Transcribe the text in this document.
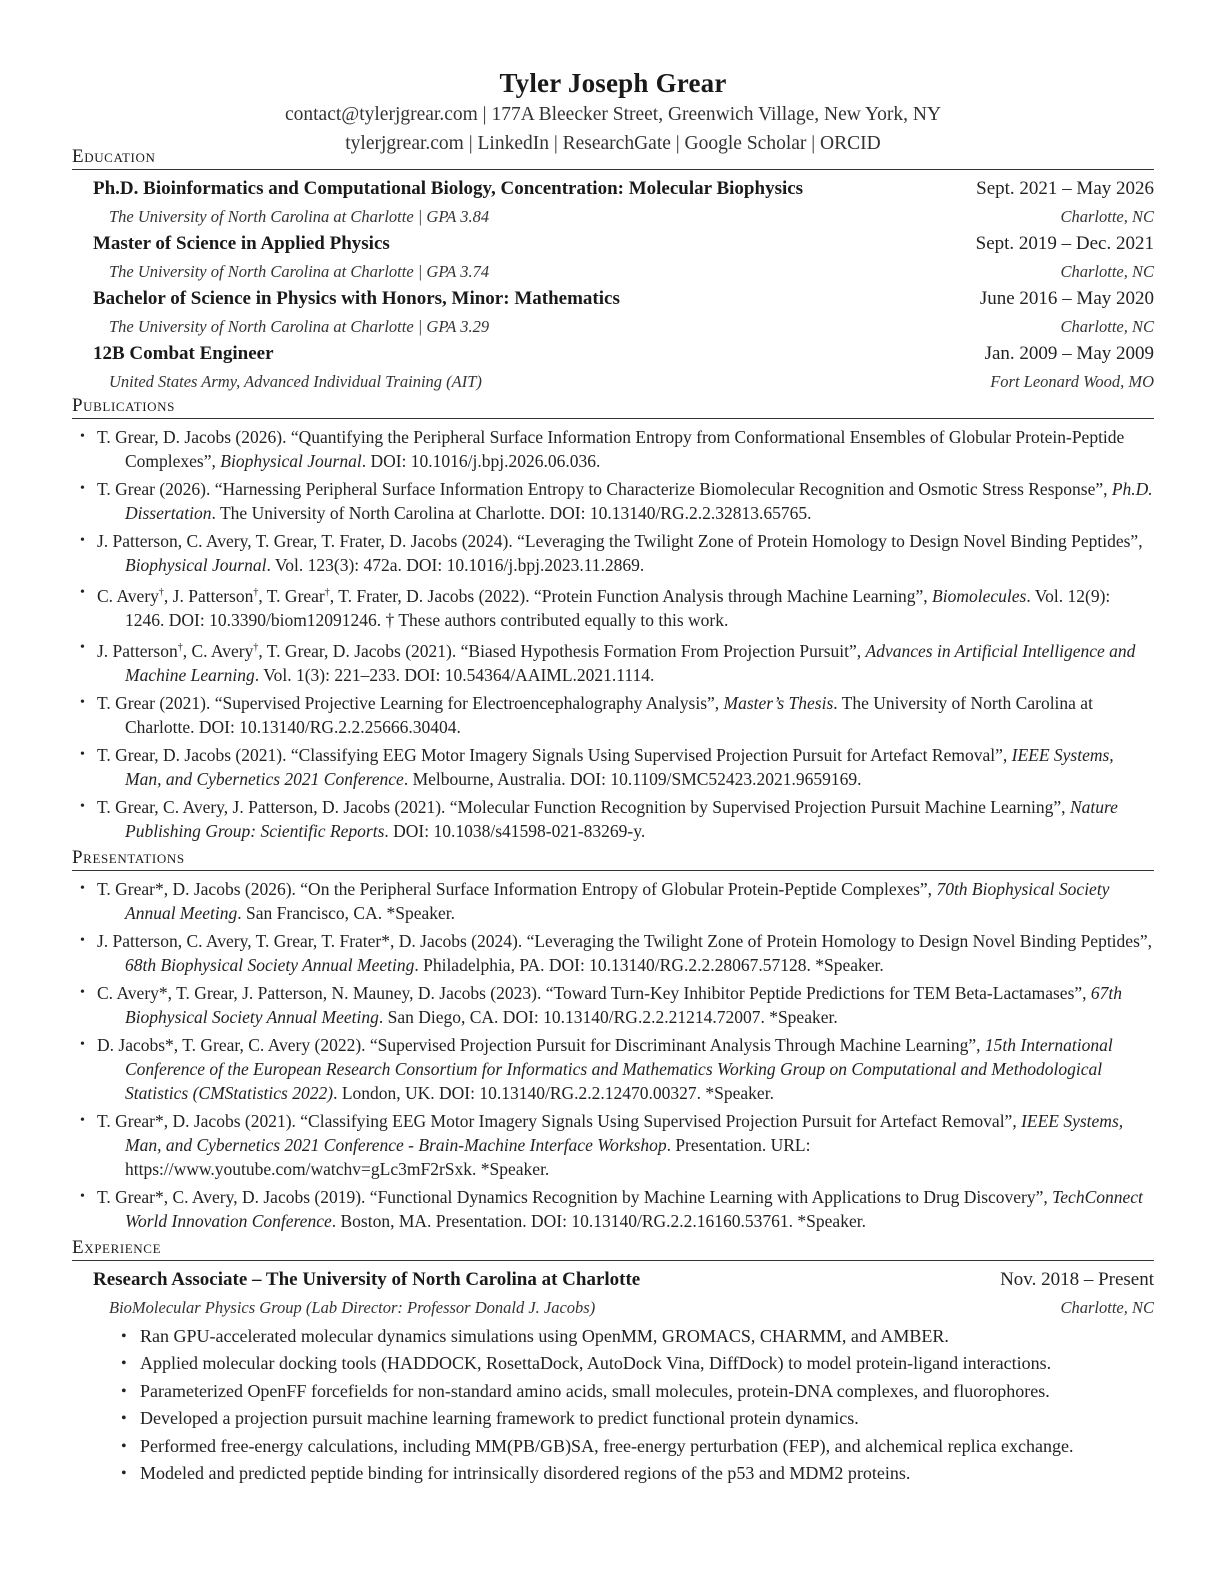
Tyler Joseph Grear
contact@tylerjgrear.com | 177A Bleecker Street, Greenwich Village, New York, NY
tylerjgrear.com | LinkedIn | ResearchGate | Google Scholar | ORCID
Education
Ph.D. Bioinformatics and Computational Biology, Concentration: Molecular Biophysics	Sept. 2021 – May 2026
The University of North Carolina at Charlotte | GPA 3.84	Charlotte, NC
Master of Science in Applied Physics	Sept. 2019 – Dec. 2021
The University of North Carolina at Charlotte | GPA 3.74	Charlotte, NC
Bachelor of Science in Physics with Honors, Minor: Mathematics	June 2016 – May 2020
The University of North Carolina at Charlotte | GPA 3.29	Charlotte, NC
12B Combat Engineer	Jan. 2009 – May 2009
United States Army, Advanced Individual Training (AIT)	Fort Leonard Wood, MO
Publications
• T. Grear, D. Jacobs (2026). “Quantifying the Peripheral Surface Information Entropy from Conformational Ensembles of Globular Protein-Peptide Complexes”, Biophysical Journal. DOI: 10.1016/j.bpj.2026.06.036.
• T. Grear (2026). “Harnessing Peripheral Surface Information Entropy to Characterize Biomolecular Recognition and Osmotic Stress Response”, Ph.D. Dissertation. The University of North Carolina at Charlotte. DOI: 10.13140/RG.2.2.32813.65765.
• J. Patterson, C. Avery, T. Grear, T. Frater, D. Jacobs (2024). “Leveraging the Twilight Zone of Protein Homology to Design Novel Binding Peptides”, Biophysical Journal. Vol. 123(3): 472a. DOI: 10.1016/j.bpj.2023.11.2869.
• C. Avery†, J. Patterson†, T. Grear†, T. Frater, D. Jacobs (2022). “Protein Function Analysis through Machine Learning”, Biomolecules. Vol. 12(9): 1246. DOI: 10.3390/biom12091246. † These authors contributed equally to this work.
• J. Patterson†, C. Avery†, T. Grear, D. Jacobs (2021). “Biased Hypothesis Formation From Projection Pursuit”, Advances in Artificial Intelligence and Machine Learning. Vol. 1(3): 221–233. DOI: 10.54364/AAIML.2021.1114.
• T. Grear (2021). “Supervised Projective Learning for Electroencephalography Analysis”, Master’s Thesis. The University of North Carolina at Charlotte. DOI: 10.13140/RG.2.2.25666.30404.
• T. Grear, D. Jacobs (2021). “Classifying EEG Motor Imagery Signals Using Supervised Projection Pursuit for Artefact Removal”, IEEE Systems, Man, and Cybernetics 2021 Conference. Melbourne, Australia. DOI: 10.1109/SMC52423.2021.9659169.
• T. Grear, C. Avery, J. Patterson, D. Jacobs (2021). “Molecular Function Recognition by Supervised Projection Pursuit Machine Learning”, Nature Publishing Group: Scientific Reports. DOI: 10.1038/s41598-021-83269-y.
Presentations
• T. Grear*, D. Jacobs (2026). “On the Peripheral Surface Information Entropy of Globular Protein-Peptide Complexes”, 70th Biophysical Society Annual Meeting. San Francisco, CA. *Speaker.
• J. Patterson, C. Avery, T. Grear, T. Frater*, D. Jacobs (2024). “Leveraging the Twilight Zone of Protein Homology to Design Novel Binding Peptides”, 68th Biophysical Society Annual Meeting. Philadelphia, PA. DOI: 10.13140/RG.2.2.28067.57128. *Speaker.
• C. Avery*, T. Grear, J. Patterson, N. Mauney, D. Jacobs (2023). “Toward Turn-Key Inhibitor Peptide Predictions for TEM Beta-Lactamases”, 67th Biophysical Society Annual Meeting. San Diego, CA. DOI: 10.13140/RG.2.2.21214.72007. *Speaker.
• D. Jacobs*, T. Grear, C. Avery (2022). “Supervised Projection Pursuit for Discriminant Analysis Through Machine Learning”, 15th International Conference of the European Research Consortium for Informatics and Mathematics Working Group on Computational and Methodological Statistics (CMStatistics 2022). London, UK. DOI: 10.13140/RG.2.2.12470.00327. *Speaker.
• T. Grear*, D. Jacobs (2021). “Classifying EEG Motor Imagery Signals Using Supervised Projection Pursuit for Artefact Removal”, IEEE Systems, Man, and Cybernetics 2021 Conference - Brain-Machine Interface Workshop. Presentation. URL: https://www.youtube.com/watchv=gLc3mF2rSxk. *Speaker.
• T. Grear*, C. Avery, D. Jacobs (2019). “Functional Dynamics Recognition by Machine Learning with Applications to Drug Discovery”, TechConnect World Innovation Conference. Boston, MA. Presentation. DOI: 10.13140/RG.2.2.16160.53761. *Speaker.
Experience
Research Associate – The University of North Carolina at Charlotte	Nov. 2018 – Present
BioMolecular Physics Group (Lab Director: Professor Donald J. Jacobs)	Charlotte, NC
• Ran GPU-accelerated molecular dynamics simulations using OpenMM, GROMACS, CHARMM, and AMBER.
• Applied molecular docking tools (HADDOCK, RosettaDock, AutoDock Vina, DiffDock) to model protein-ligand interactions.
• Parameterized OpenFF forcefields for non-standard amino acids, small molecules, protein-DNA complexes, and fluorophores.
• Developed a projection pursuit machine learning framework to predict functional protein dynamics.
• Performed free-energy calculations, including MM(PB/GB)SA, free-energy perturbation (FEP), and alchemical replica exchange.
• Modeled and predicted peptide binding for intrinsically disordered regions of the p53 and MDM2 proteins.
